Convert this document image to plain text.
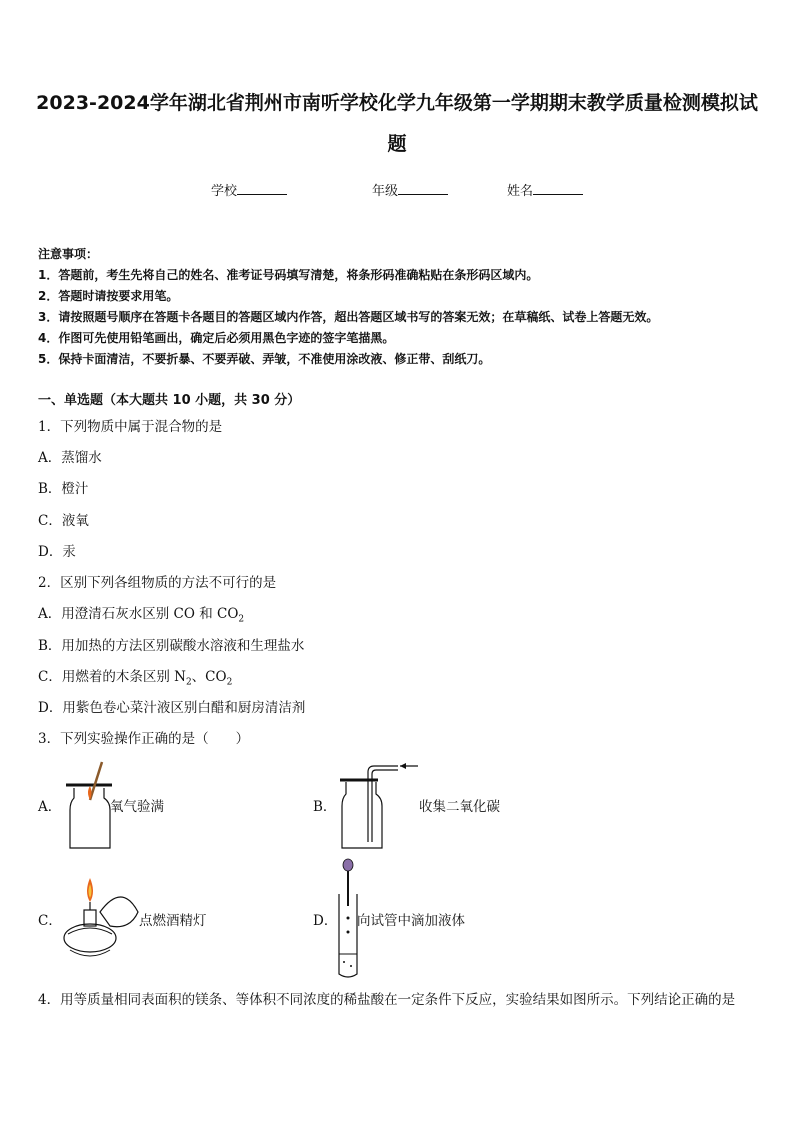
2023-2024学年湖北省荆州市南听学校化学九年级第一学期期末教学质量检测模拟试
题
学校	年级	姓名
注意事项：
1．答题前，考生先将自己的姓名、准考证号码填写清楚，将条形码准确粘贴在条形码区域内。
2．答题时请按要求用笔。
3．请按照题号顺序在答题卡各题目的答题区域内作答，超出答题区域书写的答案无效；在草稿纸、试卷上答题无效。
4．作图可先使用铅笔画出，确定后必须用黑色字迹的签字笔描黑。
5．保持卡面清洁，不要折暴、不要弄破、弄皱，不准使用涂改液、修正带、刮纸刀。
一、单选题（本大题共 10 小题，共 30 分）
1．下列物质中属于混合物的是
A．蒸馏水
B．橙汁
C．液氧
D．汞
2．区别下列各组物质的方法不可行的是
A．用澄清石灰水区别 CO 和 $CO_2$
B．用加热的方法区别碳酸水溶液和生理盐水
C．用燃着的木条区别 $N_2$、$CO_2$
D．用紫色卷心菜汁液区别白醋和厨房清洁剂
3．下列实验操作正确的是（　　）
A．	氧气验满	B．	收集二氧化碳
C．	点燃酒精灯	D． 向试管中滴加液体
4．用等质量相同表面积的镁条、等体积不同浓度的稀盐酸在一定条件下反应，实验结果如图所示。下列结论正确的是
